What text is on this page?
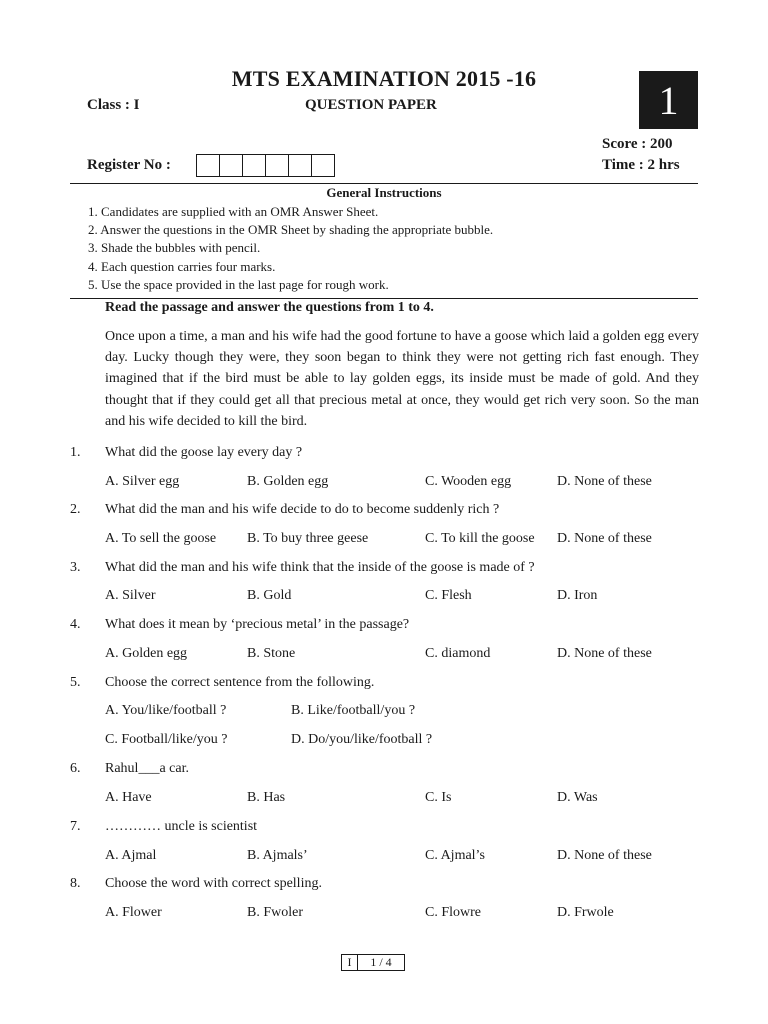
MTS EXAMINATION 2015 -16
Class : I	QUESTION PAPER	1
Score : 200
Time : 2 hrs
Register No :
General Instructions
1. Candidates are supplied with an OMR Answer Sheet.
2. Answer the questions in the OMR Sheet by shading the appropriate bubble.
3. Shade the bubbles with pencil.
4. Each question carries four marks.
5. Use the space provided in the last page for rough work.
Read the passage and answer the questions from 1 to 4.

Once upon a time, a man and his wife had the good fortune to have a goose which laid a golden egg every day. Lucky though they were, they soon began to think they were not getting rich fast enough. They imagined that if the bird must be able to lay golden eggs, its inside must be made of gold. And they thought that if they could get all that precious metal at once, they would get rich very soon. So the man and his wife decided to kill the bird.

1. What did the goose lay every day ?
A. Silver egg	B. Golden egg	C. Wooden egg	D. None of these
2. What did the man and his wife decide to do to become suddenly rich ?
A. To sell the goose B. To buy three geese	C. To kill the goose D. None of these
3. What did the man and his wife think that the inside of the goose is made of ?
A. Silver	B. Gold	C. Flesh	D. Iron
4. What does it mean by ‘precious metal’ in the passage?
A. Golden egg	B. Stone	C. diamond	D. None of these
5. Choose the correct sentence from the following.
A. You/like/football ?	B. Like/football/you ?
C. Football/like/you ?	D. Do/you/like/football ?
6. Rahul___a car.
A. Have	B. Has	C. Is	D. Was
7. ………… uncle is scientist
A. Ajmal	B. Ajmals’	C. Ajmal’s	D. None of these
8. Choose the word with correct spelling.
A. Flower	B. Fwoler	C. Flowre	D. Frwole
I	1 / 4
